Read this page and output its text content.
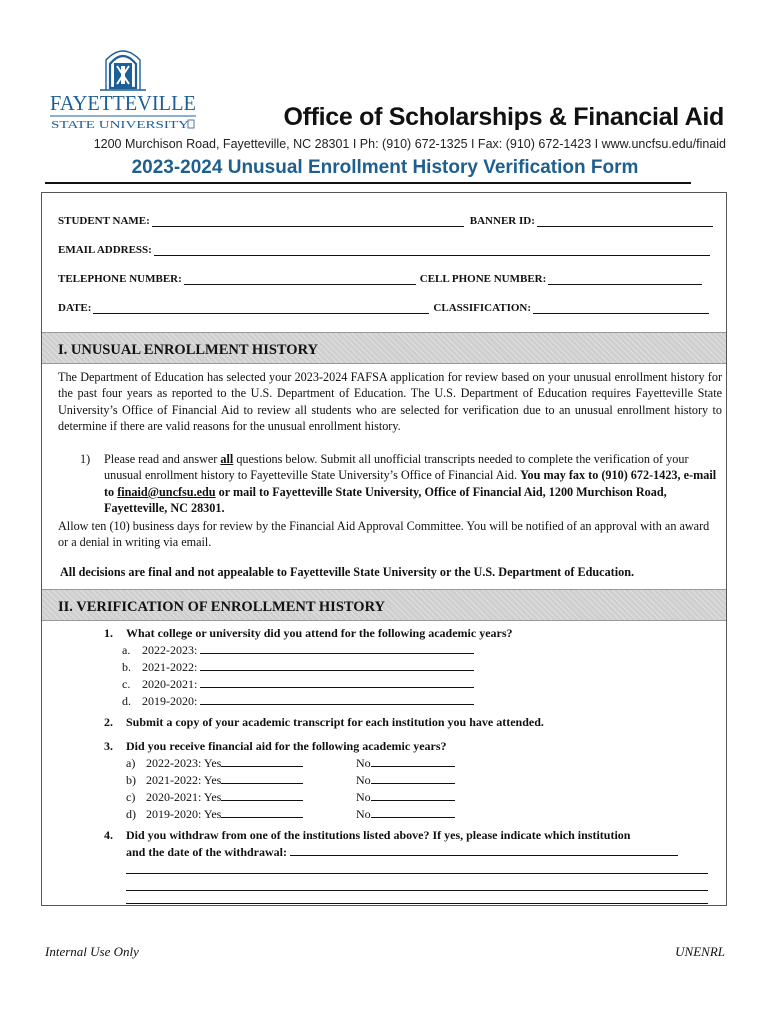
FAYETTEVILLE
STATE UNIVERSITY	Office of Scholarships & Financial Aid
1200 Murchison Road, Fayetteville, NC 28301 I Ph: (910) 672-1325 I Fax: (910) 672-1423 I www.uncfsu.edu/finaid
2023-2024 Unusual Enrollment History Verification Form
STUDENT NAME:	BANNER ID:
EMAIL ADDRESS:
TELEPHONE NUMBER:	CELL PHONE NUMBER:
DATE:	CLASSIFICATION:
I. UNUSUAL ENROLLMENT HISTORY
The Department of Education has selected your 2023-2024 FAFSA application for review based on your unusual enrollment history for the past four years as reported to the U.S. Department of Education. The U.S. Department of Education requires Fayetteville State University’s Office of Financial Aid to review all students who are selected for verification due to an unusual enrollment history to determine if there are valid reasons for the unusual enrollment history.
1)	Please read and answer all questions below. Submit all unofficial transcripts needed to complete the verification of your unusual enrollment history to Fayetteville State University’s Office of Financial Aid. You may fax to (910) 672-1423, e-mail to finaid@uncfsu.edu or mail to Fayetteville State University, Office of Financial Aid, 1200 Murchison Road, Fayetteville, NC 28301.
Allow ten (10) business days for review by the Financial Aid Approval Committee. You will be notified of an approval with an award or a denial in writing via email.
All decisions are final and not appealable to Fayetteville State University or the U.S. Department of Education.
II. VERIFICATION OF ENROLLMENT HISTORY
1. What college or university did you attend for the following academic years?
a. 2022-2023:
b. 2021-2022:
c. 2020-2021:
d. 2019-2020:
2. Submit a copy of your academic transcript for each institution you have attended.
3. Did you receive financial aid for the following academic years?
a) 2022-2023: Yes	No
b) 2021-2022: Yes	No
c) 2020-2021: Yes	No
d) 2019-2020: Yes	No
4. Did you withdraw from one of the institutions listed above? If yes, please indicate which institution
and the date of the withdrawal:
Internal Use Only	UNENRL
